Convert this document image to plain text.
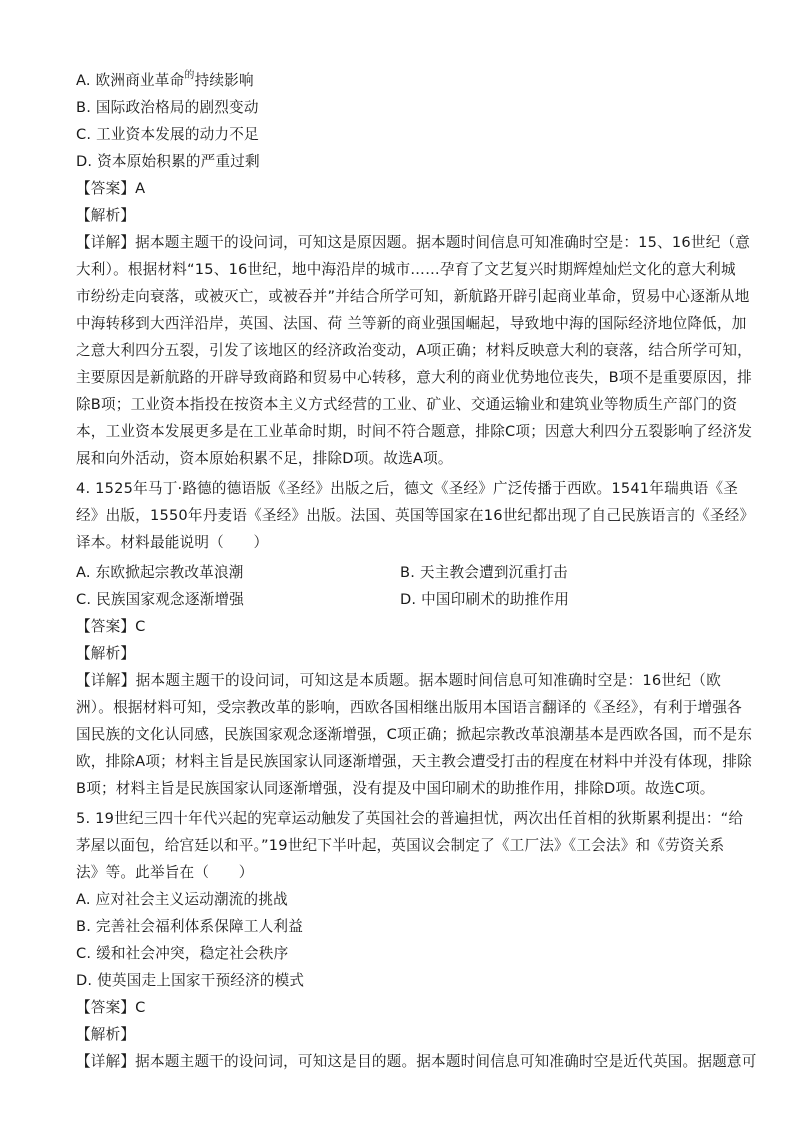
A. 欧洲商业革命$^的$持续影响
B. 国际政治格局的剧烈变动
C. 工业资本发展的动力不足
D. 资本原始积累的严重过剩
【答案】A
【解析】
【详解】据本题主题干的设问词，可知这是原因题。据本题时间信息可知准确时空是：15、16世纪（意
大利）。根据材料“15、16世纪，地中海沿岸的城市……孕育了文艺复兴时期辉煌灿烂文化的意大利城
市纷纷走向衰落，或被灭亡，或被吞并”并结合所学可知，新航路开辟引起商业革命，贸易中心逐渐从地
中海转移到大西洋沿岸，英国、法国、荷 兰等新的商业强国崛起，导致地中海的国际经济地位降低，加
之意大利四分五裂，引发了该地区的经济政治变动，A项正确；材料反映意大利的衰落，结合所学可知，
主要原因是新航路的开辟导致商路和贸易中心转移，意大利的商业优势地位丧失，B项不是重要原因，排
除B项；工业资本指投在按资本主义方式经营的工业、矿业、交通运输业和建筑业等物质生产部门的资
本，工业资本发展更多是在工业革命时期，时间不符合题意，排除C项；因意大利四分五裂影响了经济发
展和向外活动，资本原始积累不足，排除D项。故选A项。
4. 1525年马丁·路德的德语版《圣经》出版之后，德文《圣经》广泛传播于西欧。1541年瑞典语《圣
经》出版，1550年丹麦语《圣经》出版。法国、英国等国家在16世纪都出现了自己民族语言的《圣经》
译本。材料最能说明（　　）
A. 东欧掀起宗教改革浪潮	B. 天主教会遭到沉重打击
C. 民族国家观念逐渐增强	D. 中国印刷术的助推作用
【答案】C
【解析】
【详解】据本题主题干的设问词，可知这是本质题。据本题时间信息可知准确时空是：16世纪（欧
洲）。根据材料可知，受宗教改革的影响，西欧各国相继出版用本国语言翻译的《圣经》，有利于增强各
国民族的文化认同感，民族国家观念逐渐增强，C项正确；掀起宗教改革浪潮基本是西欧各国，而不是东
欧，排除A项；材料主旨是民族国家认同逐渐增强，天主教会遭受打击的程度在材料中并没有体现，排除
B项；材料主旨是民族国家认同逐渐增强，没有提及中国印刷术的助推作用，排除D项。故选C项。
5. 19世纪三四十年代兴起的宪章运动触发了英国社会的普遍担忧，两次出任首相的狄斯累利提出：“给
茅屋以面包，给宫廷以和平。”19世纪下半叶起，英国议会制定了《工厂法》《工会法》和《劳资关系
法》等。此举旨在（　　）
A. 应对社会主义运动潮流的挑战
B. 完善社会福利体系保障工人利益
C. 缓和社会冲突，稳定社会秩序
D. 使英国走上国家干预经济的模式
【答案】C
【解析】
【详解】据本题主题干的设问词，可知这是目的题。据本题时间信息可知准确时空是近代英国。据题意可
